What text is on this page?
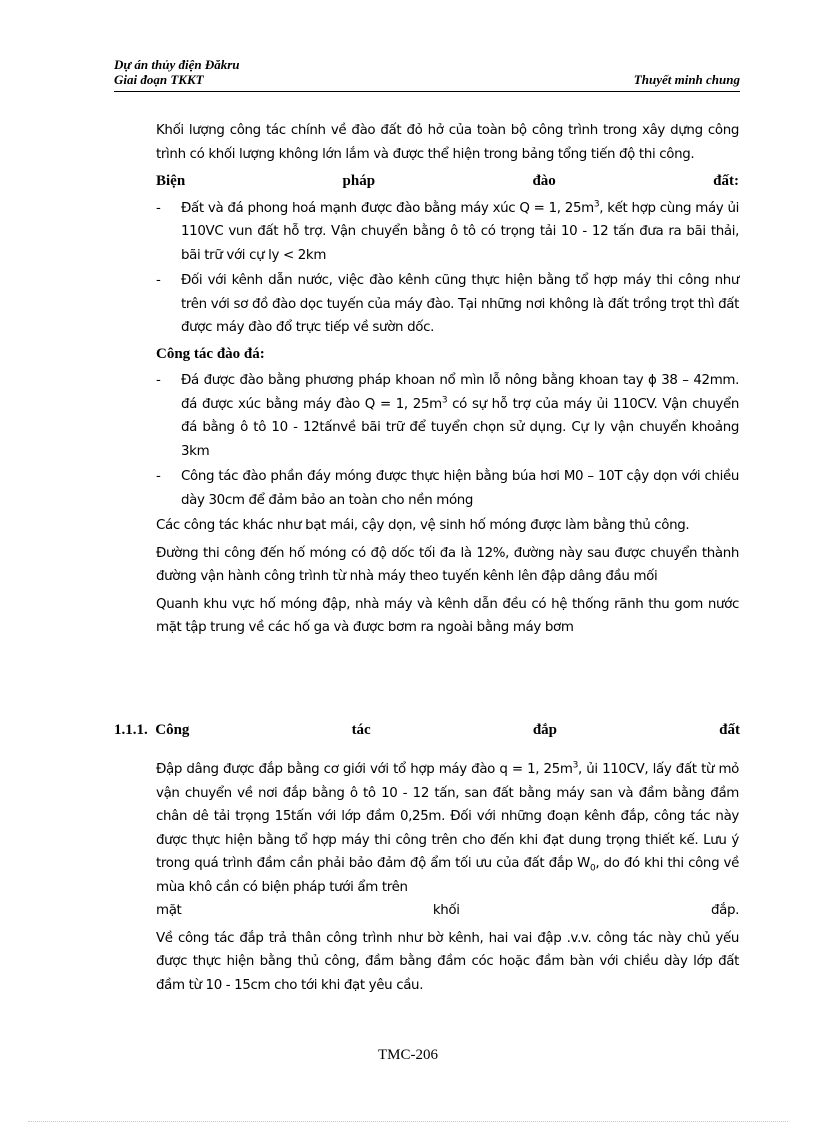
Dự án thủy điện Đăkru
Giai đoạn TKKT	Thuyết minh chung

Khối lượng công tác chính về đào đất đỏ hở của toàn bộ công trình trong xây dựng công trình có khối lượng không lớn lắm và được thể hiện trong bảng tổng tiến độ thi công.

Biện	pháp	đào	đất:
- Đất và đá phong hoá mạnh được đào bằng máy xúc Q = 1, $25m^3$, kết hợp cùng máy ủi 110VC vun đất hỗ trợ. Vận chuyển bằng ô tô có trọng tải 10 - 12 tấn đưa ra bãi thải, bãi trữ với cự ly < 2km
- Đối với kênh dẫn nước, việc đào kênh cũng thực hiện bằng tổ hợp máy thi công như trên với sơ đồ đào dọc tuyến của máy đào. Tại những nơi không là đất trồng trọt thì đất được máy đào đổ trực tiếp về sườn dốc.
Công tác đào đá:
- Đá được đào bằng phương pháp khoan nổ mìn lỗ nông bằng khoan tay ϕ 38 – 42mm. đá được xúc bằng máy đào Q = 1, $25m^3$ có sự hỗ trợ của máy ủi 110CV. Vận chuyển đá bằng ô tô 10 - 12tấnvề bãi trữ để tuyển chọn sử dụng. Cự ly vận chuyển khoảng 3km
- Công tác đào phần đáy móng được thực hiện bằng búa hơi M0 – 10T cậy dọn với chiều dày 30cm để đảm bảo an toàn cho nền móng

Các công tác khác như bạt mái, cậy dọn, vệ sinh hố móng được làm bằng thủ công.

Đường thi công đến hố móng có độ dốc tối đa là 12%, đường này sau được chuyển thành đường vận hành công trình từ nhà máy theo tuyến kênh lên đập dâng đầu mối

Quanh khu vực hố móng đập, nhà máy và kênh dẫn đều có hệ thống rãnh thu gom nước mặt tập trung về các hố ga và được bơm ra ngoài bằng máy bơm

1.1.1. Công	tác	đắp	đất

Đập dâng được đắp bằng cơ giới với tổ hợp máy đào q = 1, $25m^3$, ủi 110CV, lấy đất từ mỏ vận chuyển về nơi đắp bằng ô tô 10 - 12 tấn, san đất bằng máy san và đầm bằng đầm chân dê tải trọng 15tấn với lớp đầm 0,25m. Đối với những đoạn kênh đắp, công tác này được thực hiện bằng tổ hợp máy thi công trên cho đến khi đạt dung trọng thiết kế. Lưu ý trong quá trình đầm cần phải bảo đảm độ ẩm tối ưu của đất đắp $W_0$, do đó khi thi công về mùa khô cần có biện pháp tưới ẩm trên

mặt	khối	đắp.

Về công tác đắp trả thân công trình như bờ kênh, hai vai đập .v.v. công tác này chủ yếu được thực hiện bằng thủ công, đầm bằng đầm cóc hoặc đầm bàn với chiều dày lớp đất đầm từ 10 - 15cm cho tới khi đạt yêu cầu.

TMC-206
